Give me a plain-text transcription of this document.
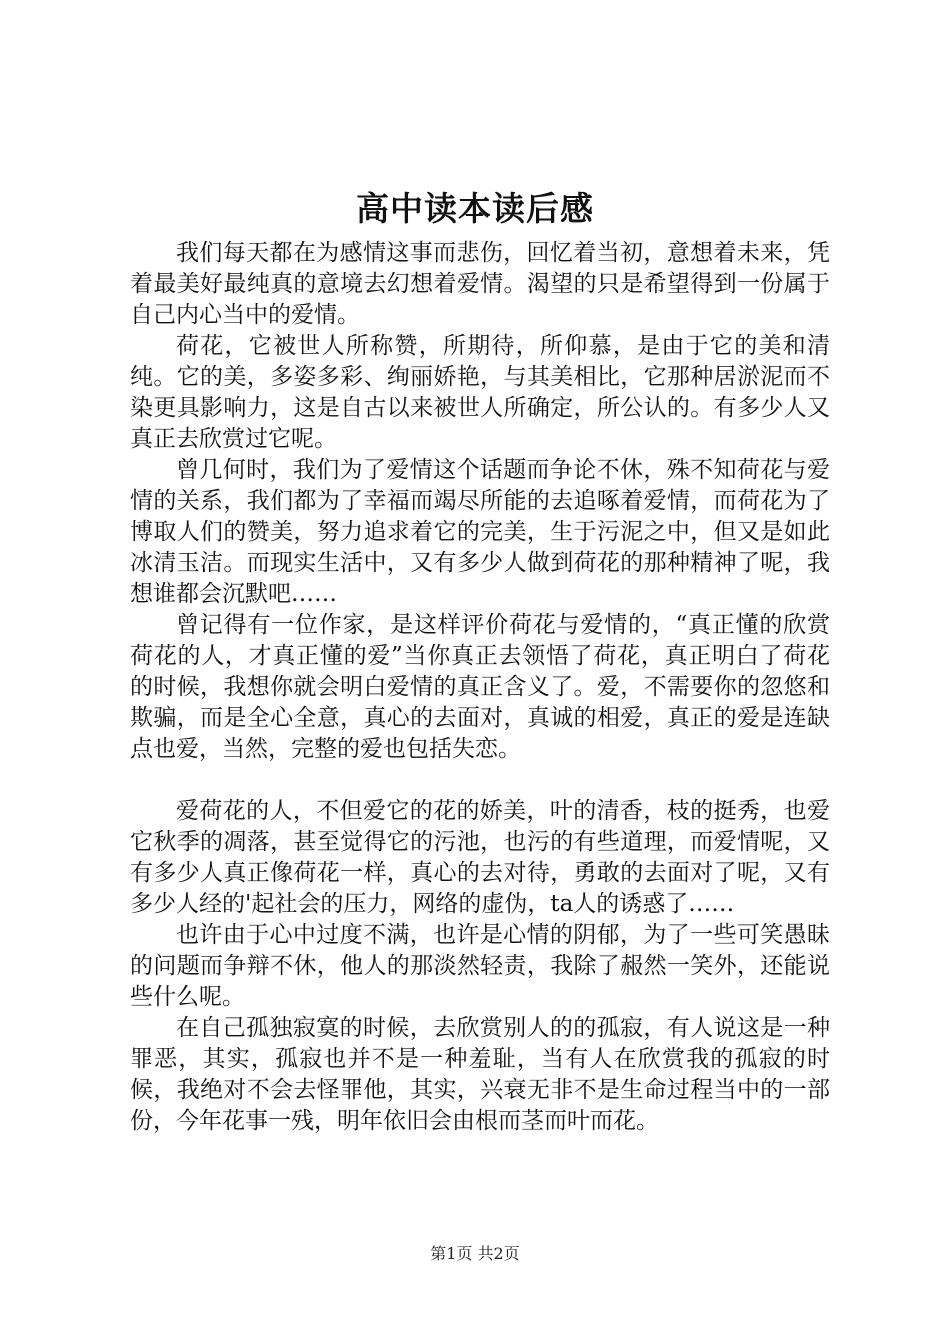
高中读本读后感

我们每天都在为感情这事而悲伤，回忆着当初，意想着未来，凭着最美好最纯真的意境去幻想着爱情。渴望的只是希望得到一份属于自己内心当中的爱情。

荷花，它被世人所称赞，所期待，所仰慕，是由于它的美和清纯。它的美，多姿多彩、绚丽娇艳，与其美相比，它那种居淤泥而不染更具影响力，这是自古以来被世人所确定，所公认的。有多少人又真正去欣赏过它呢。

曾几何时，我们为了爱情这个话题而争论不休，殊不知荷花与爱情的关系，我们都为了幸福而竭尽所能的去追啄着爱情，而荷花为了博取人们的赞美，努力追求着它的完美，生于污泥之中，但又是如此冰清玉洁。而现实生活中，又有多少人做到荷花的那种精神了呢，我想谁都会沉默吧……

曾记得有一位作家，是这样评价荷花与爱情的，“真正懂的欣赏荷花的人，才真正懂的爱”当你真正去领悟了荷花，真正明白了荷花的时候，我想你就会明白爱情的真正含义了。爱，不需要你的忽悠和欺骗，而是全心全意，真心的去面对，真诚的相爱，真正的爱是连缺点也爱，当然，完整的爱也包括失恋。

爱荷花的人，不但爱它的花的娇美，叶的清香，枝的挺秀，也爱它秋季的凋落，甚至觉得它的污池，也污的有些道理，而爱情呢，又有多少人真正像荷花一样，真心的去对待，勇敢的去面对了呢，又有多少人经的'起社会的压力，网络的虚伪，ta人的诱惑了……

也许由于心中过度不满，也许是心情的阴郁，为了一些可笑愚昧的问题而争辩不休，他人的那淡然轻责，我除了赧然一笑外，还能说些什么呢。

在自己孤独寂寞的时候，去欣赏别人的的孤寂，有人说这是一种罪恶，其实，孤寂也并不是一种羞耻，当有人在欣赏我的孤寂的时候，我绝对不会去怪罪他，其实，兴衰无非不是生命过程当中的一部份，今年花事一残，明年依旧会由根而茎而叶而花。

第1页 共2页
